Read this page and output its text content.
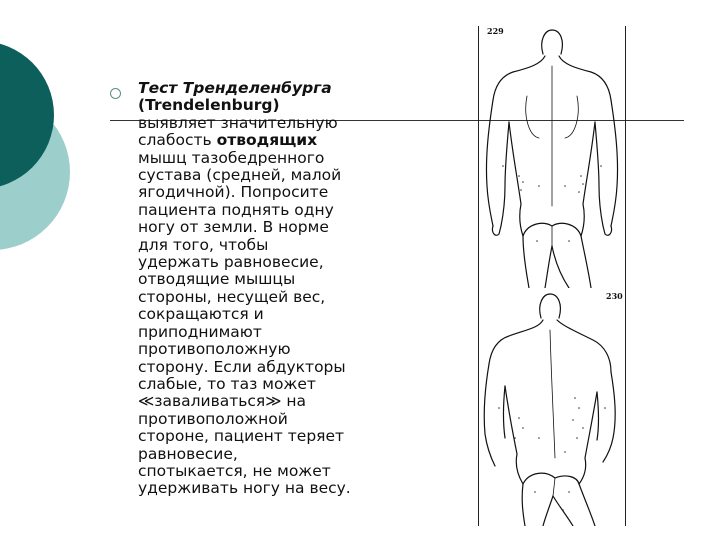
Тест Тренделенбурга
(Trendelenburg)
выявляет значительную
слабость отводящих
мышц тазобедренного
сустава (средней, малой
ягодичной). Попросите
пациента поднять одну
ногу от земли. В норме
для того, чтобы
удержать равновесие,
отводящие мышцы
стороны, несущей вес,
сокращаются и
приподнимают
противоположную
сторону. Если абдукторы
слабые, то таз может
≪заваливаться≫ на
противоположной
стороне, пациент теряет
равновесие,
спотыкается, не может
удерживать ногу на весу.
229
230
